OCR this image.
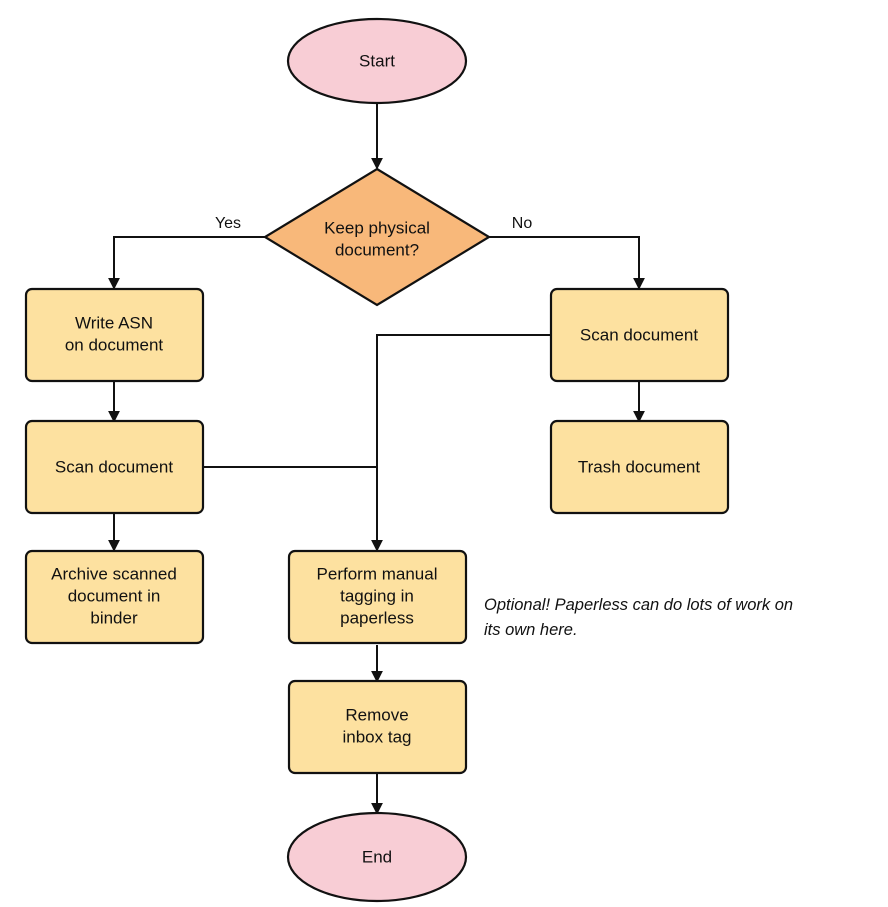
Yes	No
Start
Keep physical
document?
Write ASN
on document
Scan document
Archive scanned
document in
binder
Scan document
Trash document
Perform manual
tagging in
paperless
Remove
inbox tag
End
Optional! Paperless can do lots of work on
its own here.
